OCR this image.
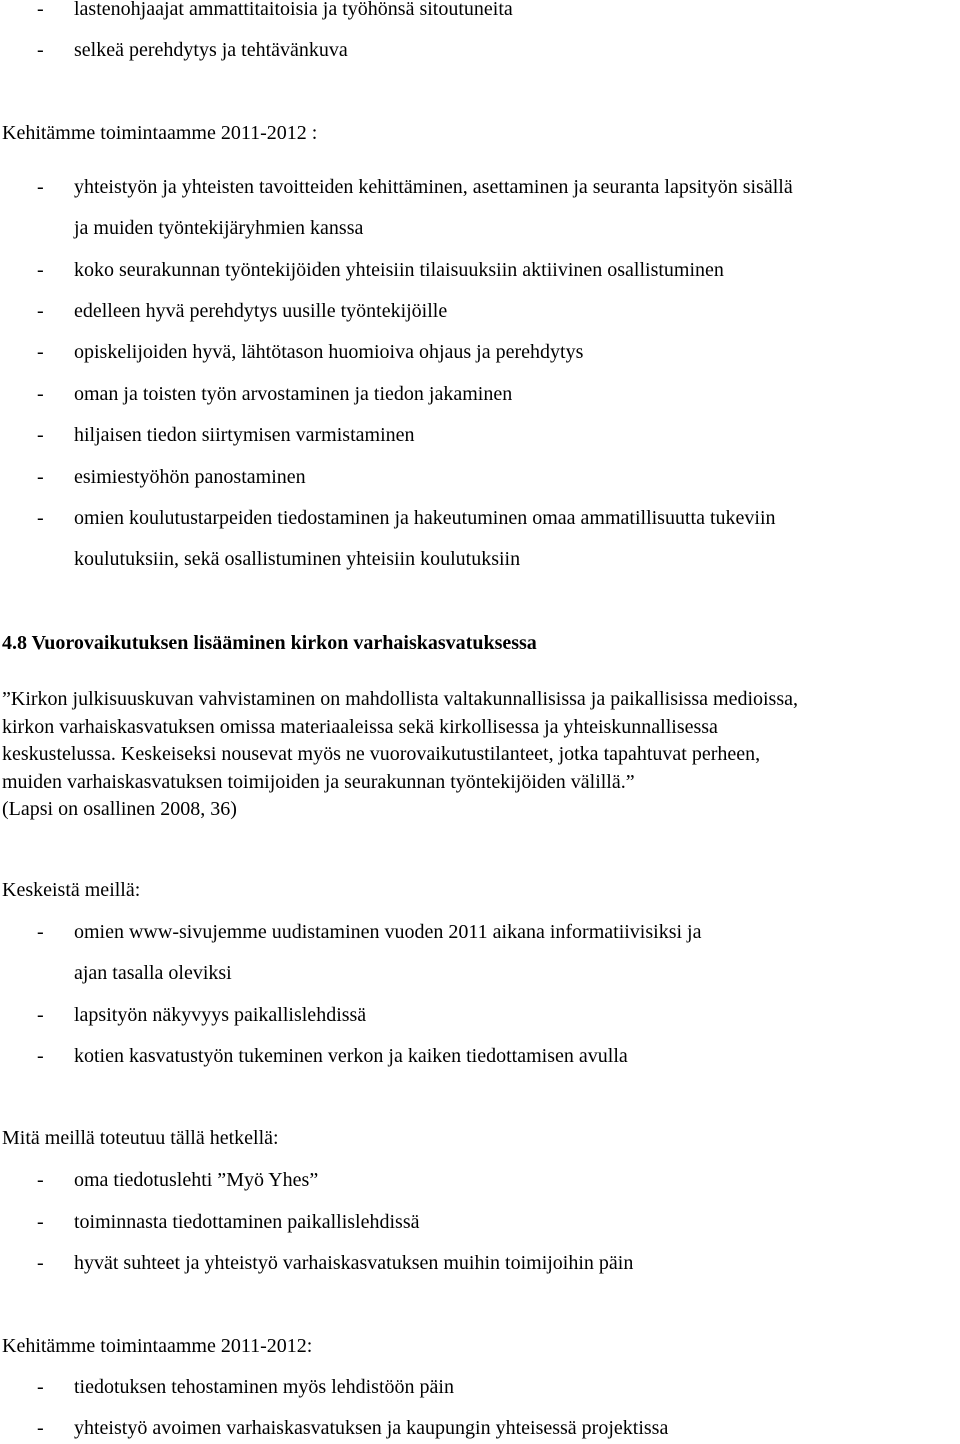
- lastenohjaajat ammattitaitoisia ja työhönsä sitoutuneita
- selkeä perehdytys ja tehtävänkuva
Kehitämme toimintaamme 2011-2012 :
- yhteistyön ja yhteisten tavoitteiden kehittäminen, asettaminen ja seuranta lapsityön sisällä
ja muiden työntekijäryhmien kanssa
- koko seurakunnan työntekijöiden yhteisiin tilaisuuksiin aktiivinen osallistuminen
- edelleen hyvä perehdytys uusille työntekijöille
- opiskelijoiden hyvä, lähtötason huomioiva ohjaus ja perehdytys
- oman ja toisten työn arvostaminen ja tiedon jakaminen
- hiljaisen tiedon siirtymisen varmistaminen
- esimiestyöhön panostaminen
- omien koulutustarpeiden tiedostaminen ja hakeutuminen omaa ammatillisuutta tukeviin
koulutuksiin, sekä osallistuminen yhteisiin koulutuksiin
4.8 Vuorovaikutuksen lisääminen kirkon varhaiskasvatuksessa
”Kirkon julkisuuskuvan vahvistaminen on mahdollista valtakunnallisissa ja paikallisissa medioissa,
kirkon varhaiskasvatuksen omissa materiaaleissa sekä kirkollisessa ja yhteiskunnallisessa
keskustelussa. Keskeiseksi nousevat myös ne vuorovaikutustilanteet, jotka tapahtuvat perheen,
muiden varhaiskasvatuksen toimijoiden ja seurakunnan työntekijöiden välillä.”
(Lapsi on osallinen 2008, 36)
Keskeistä meillä:
- omien www-sivujemme uudistaminen vuoden 2011 aikana informatiivisiksi ja
ajan tasalla oleviksi
- lapsityön näkyvyys paikallislehdissä
- kotien kasvatustyön tukeminen verkon ja kaiken tiedottamisen avulla
Mitä meillä toteutuu tällä hetkellä:
- oma tiedotuslehti ”Myö Yhes”
- toiminnasta tiedottaminen paikallislehdissä
- hyvät suhteet ja yhteistyö varhaiskasvatuksen muihin toimijoihin päin
Kehitämme toimintaamme 2011-2012:
- tiedotuksen tehostaminen myös lehdistöön päin
- yhteistyö avoimen varhaiskasvatuksen ja kaupungin yhteisessä projektissa
